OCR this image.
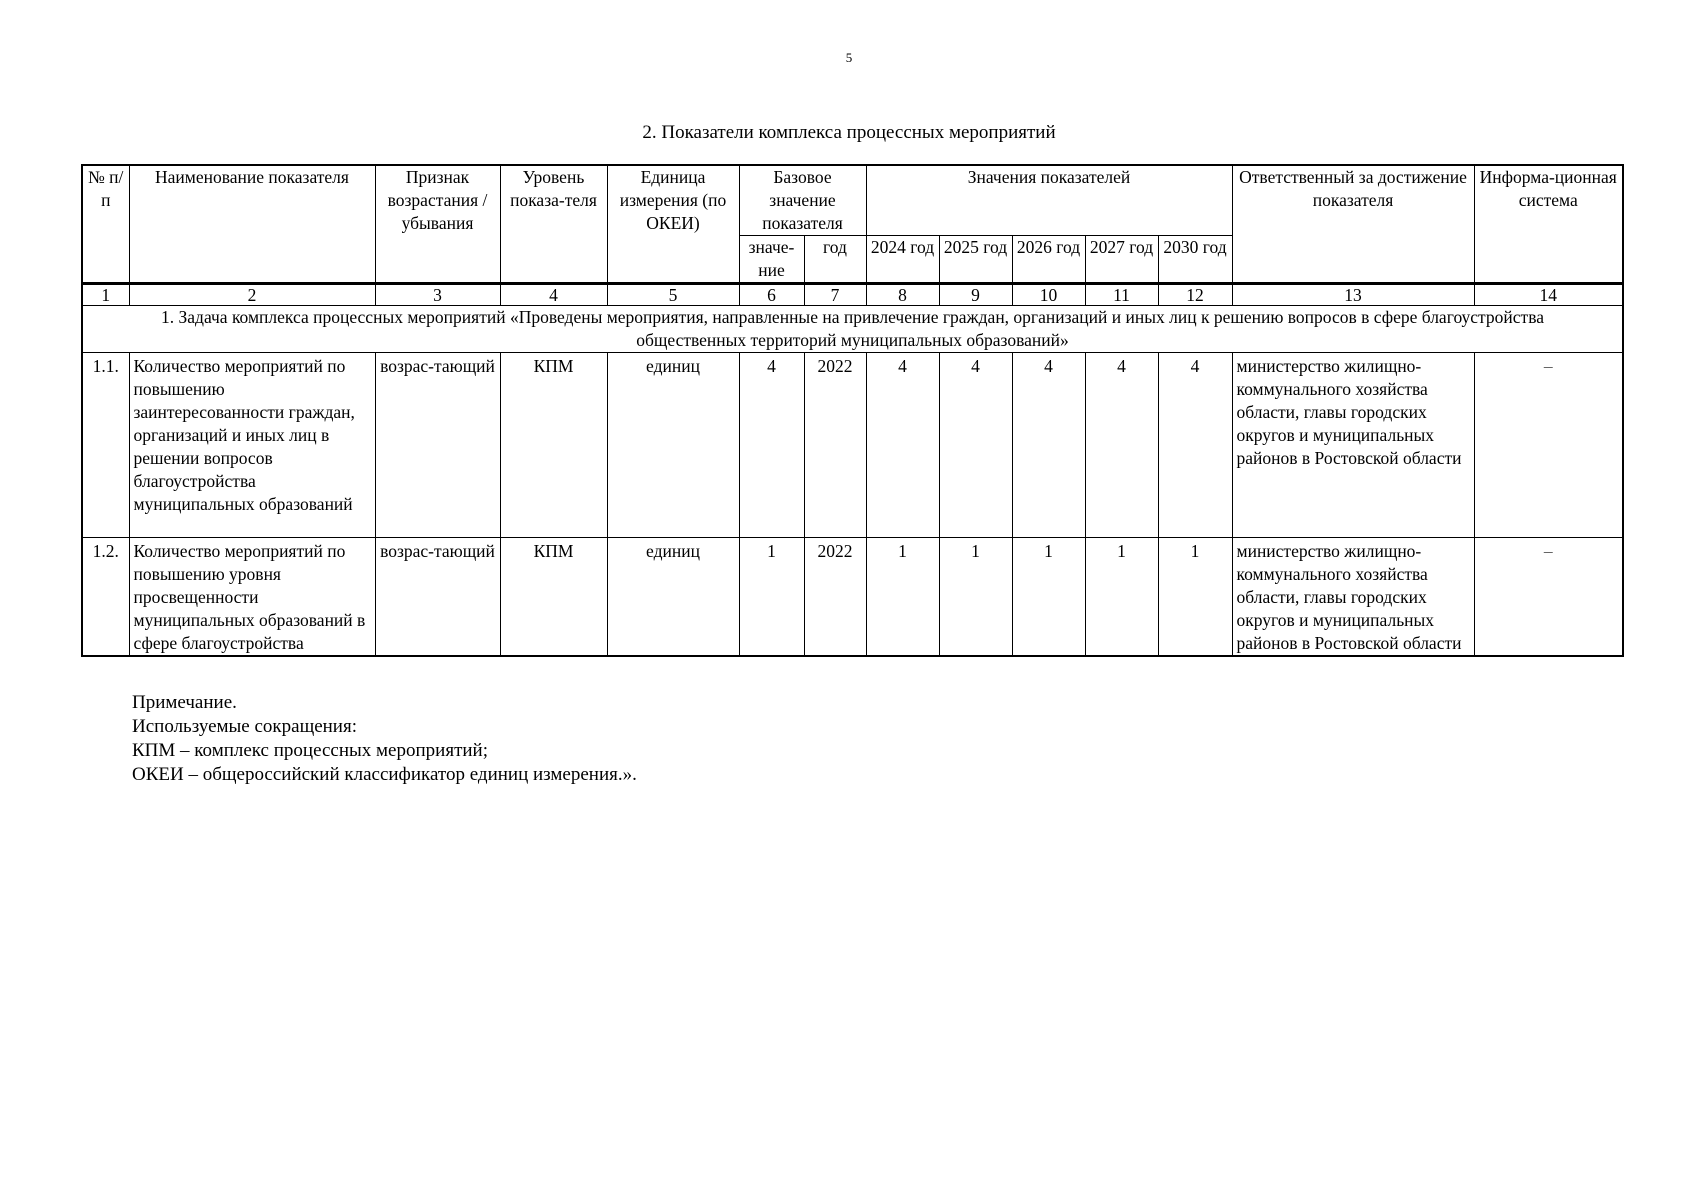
5
2. Показатели комплекса процессных мероприятий
№ п/п	Наименование показателя	Признак возрастания / убывания	Уровень показа-теля	Единица измерения (по ОКЕИ)	Базовое значение показателя		Значения показателей					Ответственный за достижение показателя	Информа-ционная система
					значе-ние	год	2024 год	2025 год	2026 год	2027 год	2030 год		
1	2	3	4	5	6	7	8	9	10	11	12	13	14
1. Задача комплекса процессных мероприятий «Проведены мероприятия, направленные на привлечение граждан, организаций и иных лиц к решению вопросов в сфере благоустройства общественных территорий муниципальных образований»													
1.1.	Количество мероприятий по повышению заинтересованности граждан, организаций и иных лиц в решении вопросов благоустройства муниципальных образований	возрас-тающий	КПМ	единиц	4	2022	4	4	4	4	4	министерство жилищно-коммунального хозяйства области, главы городских округов и муниципальных районов в Ростовской области	–
1.2.	Количество мероприятий по повышению уровня просвещенности муниципальных образований в сфере благоустройства	возрас-тающий	КПМ	единиц	1	2022	1	1	1	1	1	министерство жилищно-коммунального хозяйства области, главы городских округов и муниципальных районов в Ростовской области	–
Примечание.
Используемые сокращения:
КПМ – комплекс процессных мероприятий;
ОКЕИ – общероссийский классификатор единиц измерения.».
